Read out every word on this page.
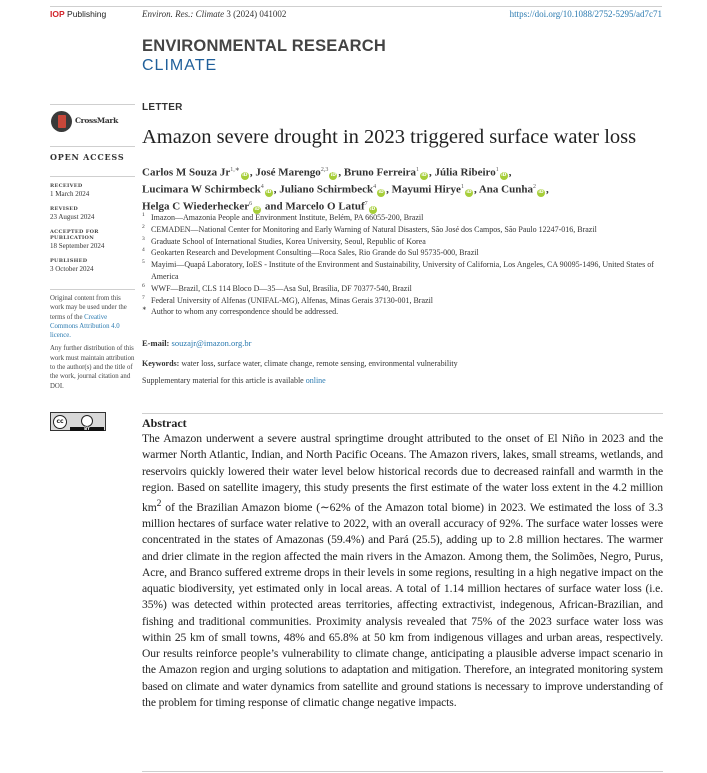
IOP Publishing	Environ. Res.: Climate 3 (2024) 041002	https://doi.org/10.1088/2752-5295/ad7c71
ENVIRONMENTAL RESEARCH
CLIMATE
CrossMark
OPEN ACCESS
RECEIVED
1 March 2024
REVISED
23 August 2024
ACCEPTED FOR PUBLICATION
18 September 2024
PUBLISHED
3 October 2024

Original content from this work may be used under the terms of the Creative Commons Attribution 4.0 licence.

Any further distribution of this work must maintain attribution to the author(s) and the title of the work, journal citation and DOI.

cc
BY
LETTER
Amazon severe drought in 2023 triggered surface water loss
Carlos M Souza $Jr^{1,∗}iD$ , José Marengo$^{2,3}$iD , Bruno Ferreira$^1$iD , Júlia Ribeiro$^1$iD ,
Lucimara W Schirmbeck$^4$iD , Juliano Schirmbeck$^4$iD , Mayumi Hirye$^1$iD , Ana Cunha$^2$iD ,
Helga C Wiederhecker$^6$iD and Marcelo O Latuf$^7$iD
1 Imazon—Amazonia People and Environment Institute, Belém, PA 66055-200, Brazil
2 CEMADEN—National Center for Monitoring and Early Warning of Natural Disasters, São José dos Campos, São Paulo 12247-016, Brazil
3 Graduate School of International Studies, Korea University, Seoul, Republic of Korea
4 Geokarten Research and Development Consulting—Roca Sales, Rio Grande do Sul 95735-000, Brazil
5 Mayimi—Quapá Laboratory, IoES - Institute of the Environment and Sustainability, University of California, Los Angeles, CA 90095-1496, United States of America
6 WWF—Brazil, CLS 114 Bloco D—35—Asa Sul, Brasília, DF 70377-540, Brazil
7 Federal University of Alfenas (UNIFAL-MG), Alfenas, Minas Gerais 37130-001, Brazil
∗ Author to whom any correspondence should be addressed.
E-mail: souzajr@imazon.org.br
Keywords: water loss, surface water, climate change, remote sensing, environmental vulnerability
Supplementary material for this article is available online
Abstract
The Amazon underwent a severe austral springtime drought attributed to the onset of El Niño in 2023 and the warmer North Atlantic, Indian, and North Pacific Oceans. The Amazon rivers, lakes, small streams, wetlands, and reservoirs quickly lowered their water level below historical records due to decreased rainfall and warmth in the region. Based on satellite imagery, this study presents the first estimate of the water loss extent in the 4.2 million $km^2$ of the Brazilian Amazon biome (∼62% of the Amazon total biome) in 2023. We estimated the loss of 3.3 million hectares of surface water relative to 2022, with an overall accuracy of 92%. The surface water losses were concentrated in the states of Amazonas (59.4%) and Pará (25.5), adding up to 2.8 million hectares. The warmer and drier climate in the region affected the main rivers in the Amazon. Among them, the Solimões, Negro, Purus, Acre, and Branco suffered extreme drops in their levels in some regions, resulting in a high negative impact on the aquatic biodiversity, yet estimated only in local areas. A total of 1.14 million hectares of surface water loss (i.e. 35%) was detected within protected areas territories, affecting extractivist, indegenous, African-Brazilian, and fishing and traditional communities. Proximity analysis revealed that 75% of the 2023 surface water loss was within 25 km of small towns, 48% and 65.8% at 50 km from indigenous villages and urban areas, respectively. Our results reinforce people’s vulnerability to climate change, anticipating a plausible adverse impact scenario in the Amazon region and urging solutions to adaptation and mitigation. Therefore, an integrated monitoring system based on climate and water dynamics from satellite and ground stations is necessary to improve understanding of the problem for timing response of climatic change negative impacts.
